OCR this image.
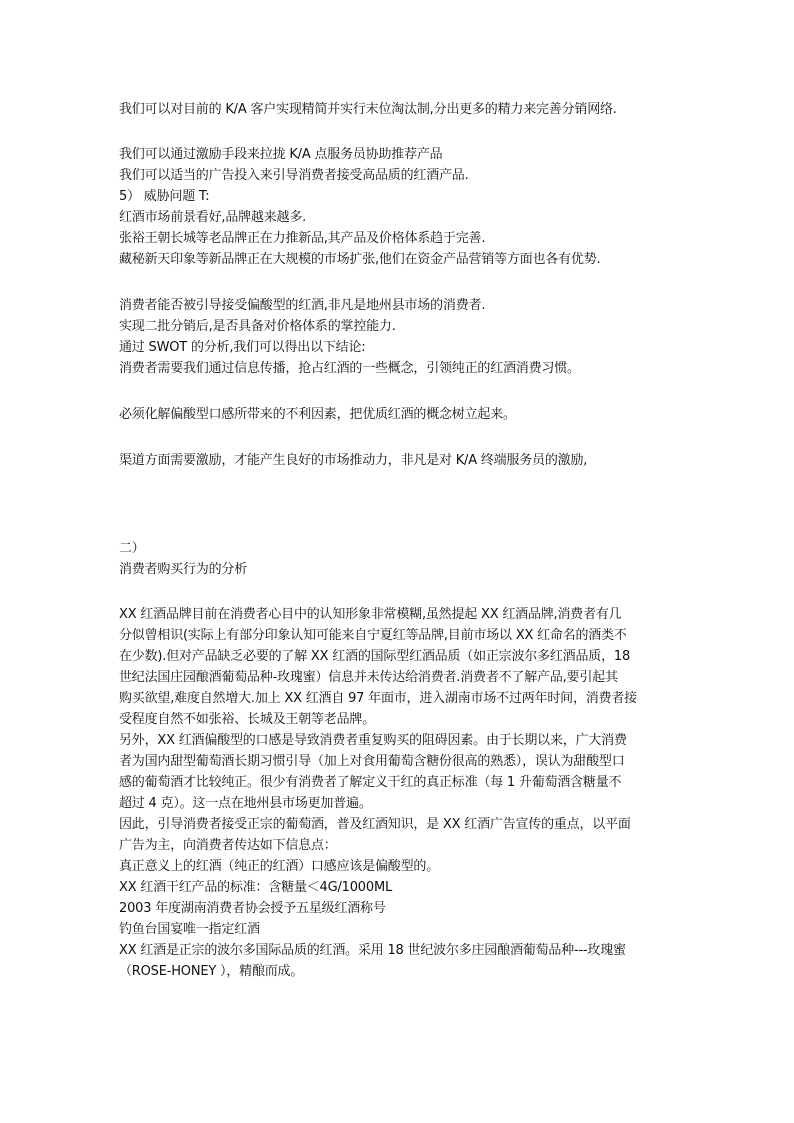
我们可以对目前的 K/A 客户实现精简并实行末位淘汰制,分出更多的精力来完善分销网络.
我们可以通过激励手段来拉拢 K/A 点服务员协助推荐产品
我们可以适当的广告投入来引导消费者接受高品质的红酒产品.
5） 威胁问题 T:
红酒市场前景看好,品牌越来越多.
张裕王朝长城等老品牌正在力推新品,其产品及价格体系趋于完善.
藏秘新天印象等新品牌正在大规模的市场扩张,他们在资金产品营销等方面也各有优势.
消费者能否被引导接受偏酸型的红酒,非凡是地州县市场的消费者.
实现二批分销后,是否具备对价格体系的掌控能力.
通过 SWOT 的分析,我们可以得出以下结论:
消费者需要我们通过信息传播，抢占红酒的一些概念，引领纯正的红酒消费习惯。
必须化解偏酸型口感所带来的不利因素，把优质红酒的概念树立起来。
渠道方面需要激励，才能产生良好的市场推动力，非凡是对 K/A 终端服务员的激励,
二）
消费者购买行为的分析
XX 红酒品牌目前在消费者心目中的认知形象非常模糊,虽然提起 XX 红酒品牌,消费者有几
分似曾相识(实际上有部分印象认知可能来自宁夏红等品牌,目前市场以 XX 红命名的酒类不
在少数).但对产品缺乏必要的了解 XX 红酒的国际型红酒品质（如正宗波尔多红酒品质，18
世纪法国庄园酿酒葡萄品种-玫瑰蜜）信息并未传达给消费者.消费者不了解产品,要引起其
购买欲望,难度自然增大.加上 XX 红酒自 97 年面市，进入湖南市场不过两年时间，消费者接
受程度自然不如张裕、长城及王朝等老品牌。
另外，XX 红酒偏酸型的口感是导致消费者重复购买的阻碍因素。由于长期以来，广大消费
者为国内甜型葡萄酒长期习惯引导（加上对食用葡萄含糖份很高的熟悉），误认为甜酸型口
感的葡萄酒才比较纯正。很少有消费者了解定义干红的真正标准（每 1 升葡萄酒含糖量不
超过 4 克）。这一点在地州县市场更加普遍。
因此，引导消费者接受正宗的葡萄酒，普及红酒知识，是 XX 红酒广告宣传的重点，以平面
广告为主，向消费者传达如下信息点：
真正意义上的红酒（纯正的红酒）口感应该是偏酸型的。
XX 红酒干红产品的标准：含糖量＜4G/1000ML
2003 年度湖南消费者协会授予五星级红酒称号
钓鱼台国宴唯一指定红酒
XX 红酒是正宗的波尔多国际品质的红酒。采用 18 世纪波尔多庄园酿酒葡萄品种---玫瑰蜜
（ROSE-HONEY ），精酿而成。
